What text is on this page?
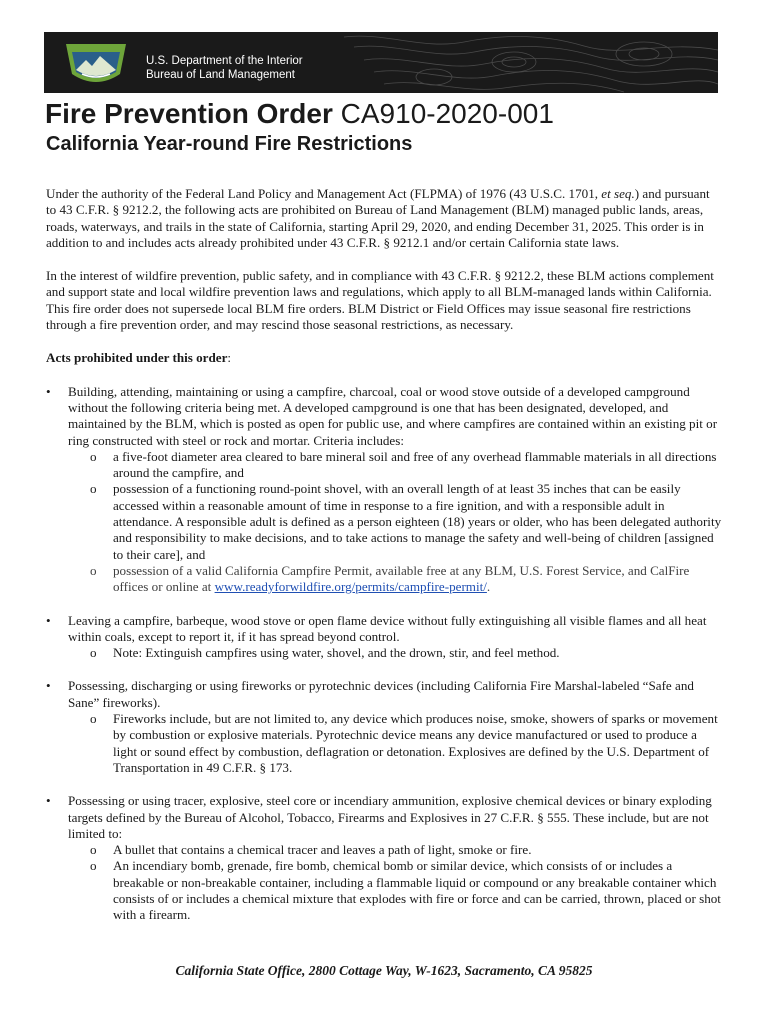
U.S. Department of the Interior
Bureau of Land Management
Fire Prevention Order CA910-2020-001
California Year-round Fire Restrictions

Under the authority of the Federal Land Policy and Management Act (FLPMA) of 1976 (43 U.S.C. 1701, et seq.) and pursuant to 43 C.F.R. § 9212.2, the following acts are prohibited on Bureau of Land Management (BLM) managed public lands, areas, roads, waterways, and trails in the state of California, starting April 29, 2020, and ending December 31, 2025. This order is in addition to and includes acts already prohibited under 43 C.F.R. § 9212.1 and/or certain California state laws.

In the interest of wildfire prevention, public safety, and in compliance with 43 C.F.R. § 9212.2, these BLM actions complement and support state and local wildfire prevention laws and regulations, which apply to all BLM-managed lands within California. This fire order does not supersede local BLM fire orders. BLM District or Field Offices may issue seasonal fire restrictions through a fire prevention order, and may rescind those seasonal restrictions, as necessary.

Acts prohibited under this order:

• Building, attending, maintaining or using a campfire, charcoal, coal or wood stove outside of a developed campground without the following criteria being met. A developed campground is one that has been designated, developed, and maintained by the BLM, which is posted as open for public use, and where campfires are contained within an existing pit or ring constructed with steel or rock and mortar. Criteria includes:
o a five-foot diameter area cleared to bare mineral soil and free of any overhead flammable materials in all directions around the campfire, and
o possession of a functioning round-point shovel, with an overall length of at least 35 inches that can be easily accessed within a reasonable amount of time in response to a fire ignition, and with a responsible adult in attendance. A responsible adult is defined as a person eighteen (18) years or older, who has been delegated authority and responsibility to make decisions, and to take actions to manage the safety and well-being of children [assigned to their care], and
o possession of a valid California Campfire Permit, available free at any BLM, U.S. Forest Service, and CalFire offices or online at www.readyforwildfire.org/permits/campfire-permit/.
• Leaving a campfire, barbeque, wood stove or open flame device without fully extinguishing all visible flames and all heat within coals, except to report it, if it has spread beyond control.
o Note: Extinguish campfires using water, shovel, and the drown, stir, and feel method.
• Possessing, discharging or using fireworks or pyrotechnic devices (including California Fire Marshal-labeled “Safe and Sane” fireworks).
o Fireworks include, but are not limited to, any device which produces noise, smoke, showers of sparks or movement by combustion or explosive materials. Pyrotechnic device means any device manufactured or used to produce a light or sound effect by combustion, deflagration or detonation. Explosives are defined by the U.S. Department of Transportation in 49 C.F.R. § 173.
• Possessing or using tracer, explosive, steel core or incendiary ammunition, explosive chemical devices or binary exploding targets defined by the Bureau of Alcohol, Tobacco, Firearms and Explosives in 27 C.F.R. § 555. These include, but are not limited to:
o A bullet that contains a chemical tracer and leaves a path of light, smoke or fire.
o An incendiary bomb, grenade, fire bomb, chemical bomb or similar device, which consists of or includes a breakable or non-breakable container, including a flammable liquid or compound or any breakable container which consists of or includes a chemical mixture that explodes with fire or force and can be carried, thrown, placed or shot with a firearm.
California State Office, 2800 Cottage Way, W-1623, Sacramento, CA 95825
